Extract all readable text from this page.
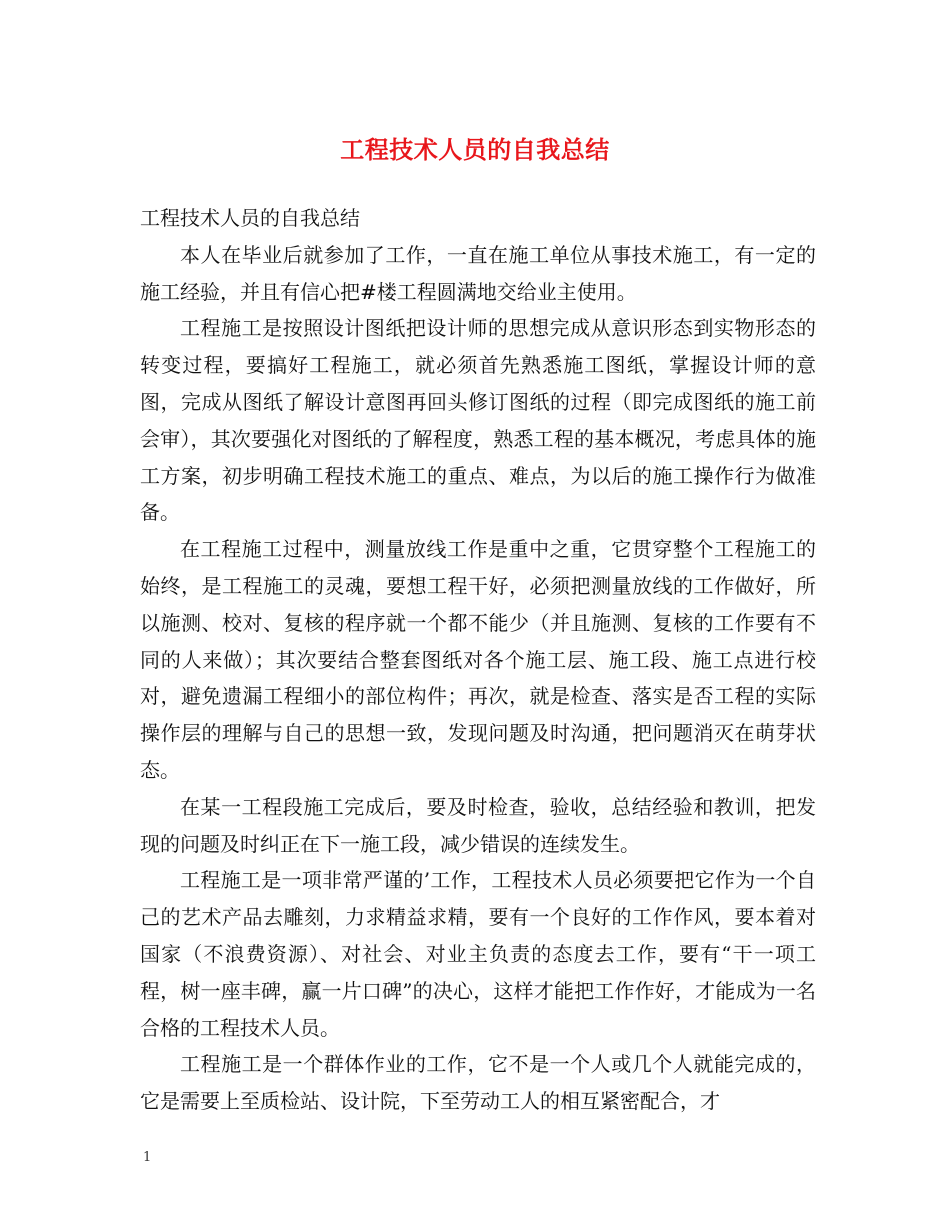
工程技术人员的自我总结

工程技术人员的自我总结

本人在毕业后就参加了工作，一直在施工单位从事技术施工，有一定的施工经验，并且有信心把#楼工程圆满地交给业主使用。

工程施工是按照设计图纸把设计师的思想完成从意识形态到实物形态的转变过程，要搞好工程施工，就必须首先熟悉施工图纸，掌握设计师的意图，完成从图纸了解设计意图再回头修订图纸的过程（即完成图纸的施工前会审），其次要强化对图纸的了解程度，熟悉工程的基本概况，考虑具体的施工方案，初步明确工程技术施工的重点、难点，为以后的施工操作行为做准备。

在工程施工过程中，测量放线工作是重中之重，它贯穿整个工程施工的始终，是工程施工的灵魂，要想工程干好，必须把测量放线的工作做好，所以施测、校对、复核的程序就一个都不能少（并且施测、复核的工作要有不同的人来做）；其次要结合整套图纸对各个施工层、施工段、施工点进行校对，避免遗漏工程细小的部位构件；再次，就是检查、落实是否工程的实际操作层的理解与自己的思想一致，发现问题及时沟通，把问题消灭在萌芽状态。

在某一工程段施工完成后，要及时检查，验收，总结经验和教训，把发现的问题及时纠正在下一施工段，减少错误的连续发生。

工程施工是一项非常严谨的’工作，工程技术人员必须要把它作为一个自己的艺术产品去雕刻，力求精益求精，要有一个良好的工作作风，要本着对国家（不浪费资源）、对社会、对业主负责的态度去工作，要有“干一项工程，树一座丰碑，赢一片口碑”的决心，这样才能把工作作好，才能成为一名合格的工程技术人员。

工程施工是一个群体作业的工作，它不是一个人或几个人就能完成的，它是需要上至质检站、设计院，下至劳动工人的相互紧密配合，才

1
